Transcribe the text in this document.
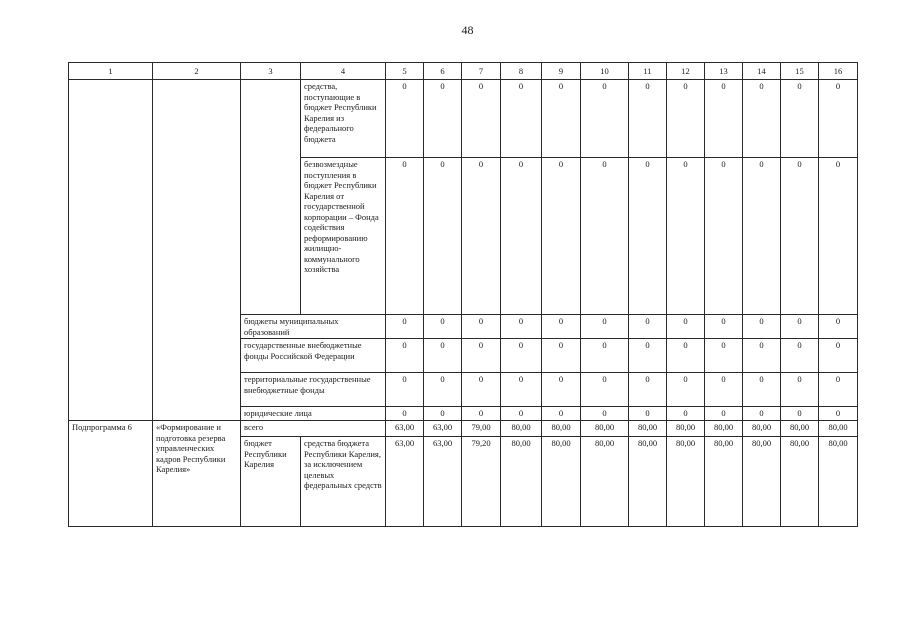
48
1	2	3	4	5	6	7	8	9	10	11	12	13	14	15	16
			средства, поступающие в бюджет Республики Карелия из федерального бюджета	0	0	0	0	0	0	0	0	0	0	0	0
			безвозмездные поступления в бюджет Республики Карелия от государственной корпорации – Фонда содействия реформированию жилищно-коммунального хозяйства	0	0	0	0	0	0	0	0	0	0	0	0
		бюджеты муниципальных образований		0	0	0	0	0	0	0	0	0	0	0	0
		государственные внебюджетные фонды Российской Федерации		0	0	0	0	0	0	0	0	0	0	0	0
		территориальные государственные внебюджетные фонды		0	0	0	0	0	0	0	0	0	0	0	0
		юридические лица		0	0	0	0	0	0	0	0	0	0	0	0
Подпрограмма 6	«Формирование и подготовка резерва управленческих кадров Республики Карелия»	всего		63,00	63,00	79,00	80,00	80,00	80,00	80,00	80,00	80,00	80,00	80,00	80,00
		бюджет Республики Карелия	средства бюджета Республики Карелия, за исключением целевых федеральных средств	63,00	63,00	79,20	80,00	80,00	80,00	80,00	80,00	80,00	80,00	80,00	80,00
